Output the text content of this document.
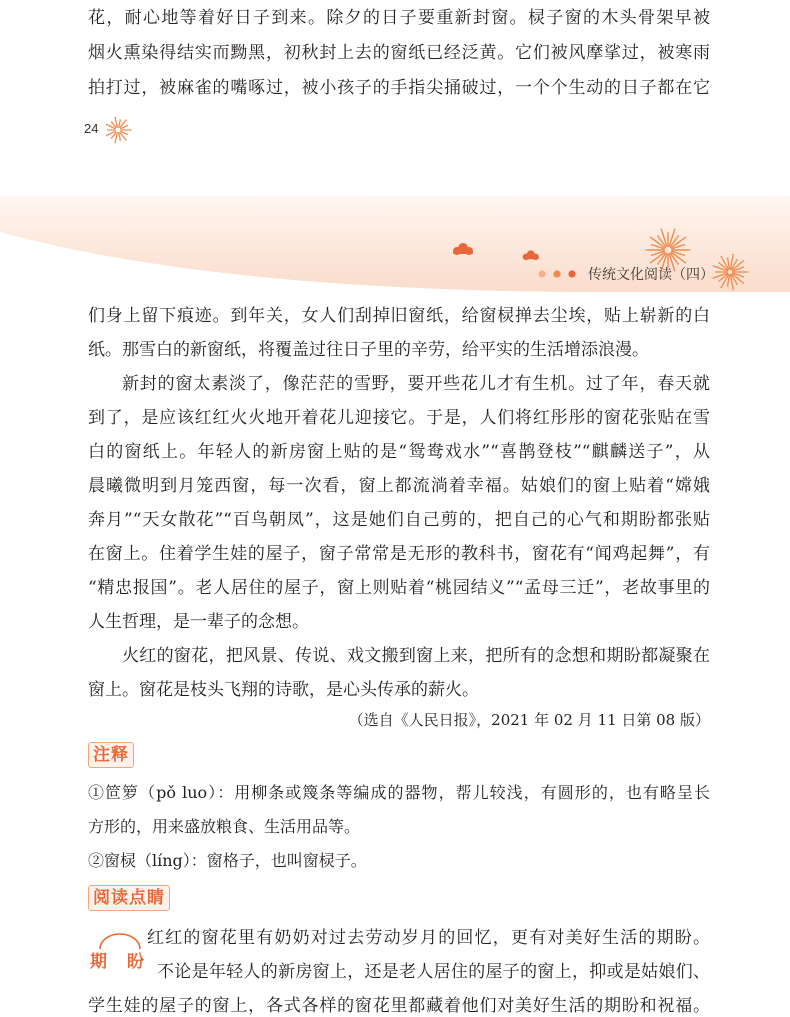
花，耐心地等着好日子到来。除夕的日子要重新封窗。棂子窗的木头骨架早被
烟火熏染得结实而黝黑，初秋封上去的窗纸已经泛黄。它们被风摩挲过，被寒雨
拍打过，被麻雀的嘴啄过，被小孩子的手指尖捅破过，一个个生动的日子都在它
24
传统文化阅读（四）
们身上留下痕迹。到年关，女人们刮掉旧窗纸，给窗棂掸去尘埃，贴上崭新的白
纸。那雪白的新窗纸，将覆盖过往日子里的辛劳，给平实的生活增添浪漫。
新封的窗太素淡了，像茫茫的雪野，要开些花儿才有生机。过了年，春天就
到了，是应该红红火火地开着花儿迎接它。于是，人们将红彤彤的窗花张贴在雪
白的窗纸上。年轻人的新房窗上贴的是“鸳鸯戏水”“喜鹊登枝”“麒麟送子”，从
晨曦微明到月笼西窗，每一次看，窗上都流淌着幸福。姑娘们的窗上贴着“嫦娥
奔月”“天女散花”“百鸟朝凤”，这是她们自己剪的，把自己的心气和期盼都张贴
在窗上。住着学生娃的屋子，窗子常常是无形的教科书，窗花有“闻鸡起舞”，有
“精忠报国”。老人居住的屋子，窗上则贴着“桃园结义”“孟母三迁”，老故事里的
人生哲理，是一辈子的念想。
火红的窗花，把风景、传说、戏文搬到窗上来，把所有的念想和期盼都凝聚在
窗上。窗花是枝头飞翔的诗歌，是心头传承的薪火。
（选自《人民日报》，2021 年 02 月 11 日第 08 版）
注释
①笸箩（pǒ luo）：用柳条或篾条等编成的器物，帮儿较浅，有圆形的，也有略呈长
方形的，用来盛放粮食、生活用品等。
②窗棂（líng）：窗格子，也叫窗棂子。
阅读点睛
期盼
红红的窗花里有奶奶对过去劳动岁月的回忆，更有对美好生活的期盼。
不论是年轻人的新房窗上，还是老人居住的屋子的窗上，抑或是姑娘们、
学生娃的屋子的窗上，各式各样的窗花里都藏着他们对美好生活的期盼和祝福。
